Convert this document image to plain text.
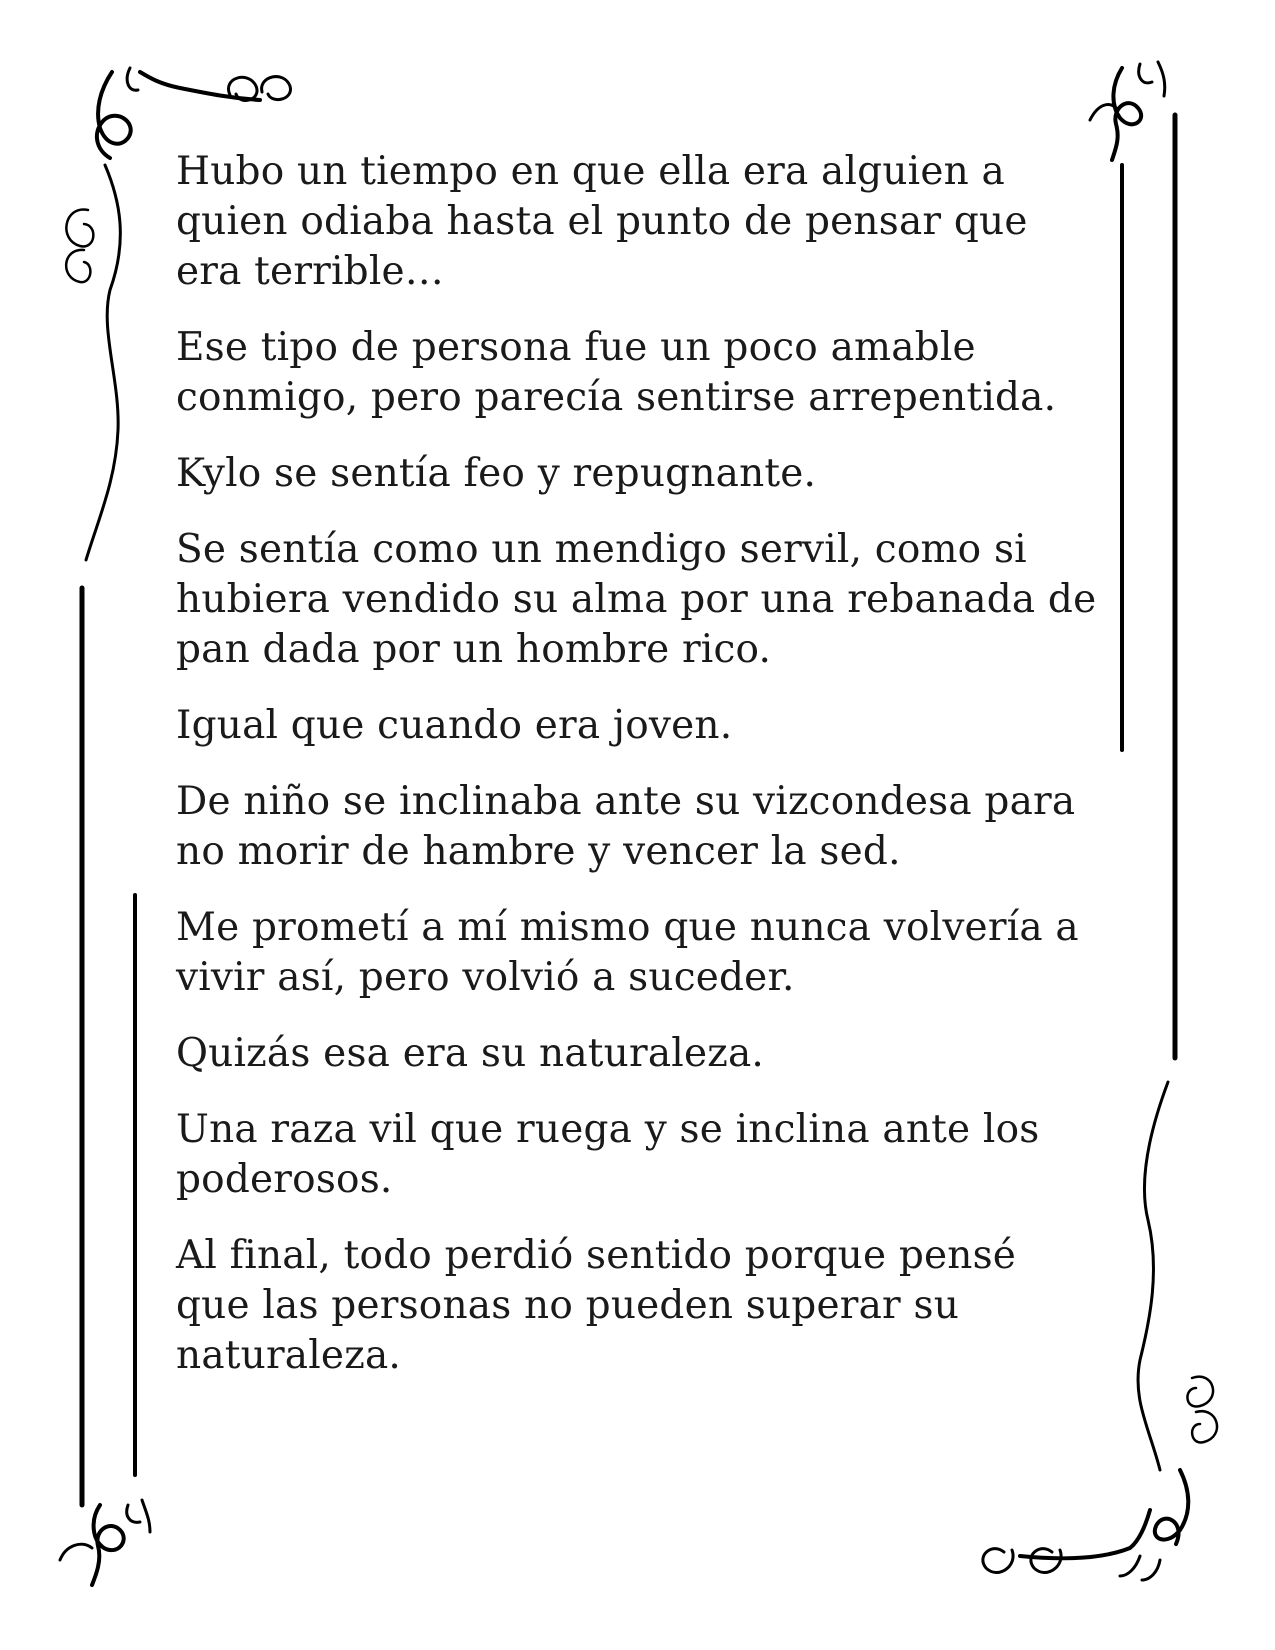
Hubo un tiempo en que ella era alguien a quien odiaba hasta el punto de pensar que era terrible…

Ese tipo de persona fue un poco amable conmigo, pero parecía sentirse arrepentida.

Kylo se sentía feo y repugnante.

Se sentía como un mendigo servil, como si hubiera vendido su alma por una rebanada de pan dada por un hombre rico.

Igual que cuando era joven.

De niño se inclinaba ante su vizcondesa para no morir de hambre y vencer la sed.

Me prometí a mí mismo que nunca volvería a vivir así, pero volvió a suceder.

Quizás esa era su naturaleza.

Una raza vil que ruega y se inclina ante los poderosos.

Al final, todo perdió sentido porque pensé que las personas no pueden superar su naturaleza.
